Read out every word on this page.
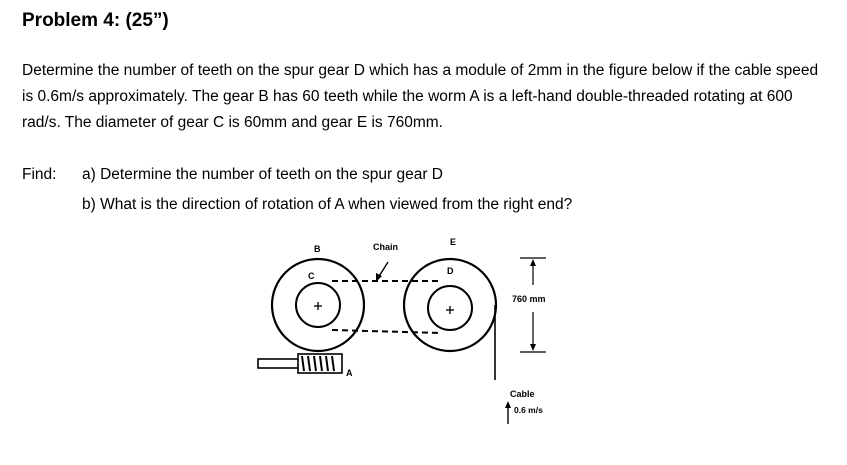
Problem 4: (25”)

Determine the number of teeth on the spur gear D which has a module of 2mm in the figure below if the cable speed is 0.6m/s approximately. The gear B has 60 teeth while the worm A is a left-hand double-threaded rotating at 600 rad/s. The diameter of gear C is 60mm and gear E is 760mm.

Find: a) Determine the number of teeth on the spur gear D
b) What is the direction of rotation of A when viewed from the right end?
B
C
Chain	E
D
A
760 mm
Cable
0.6 m/s
